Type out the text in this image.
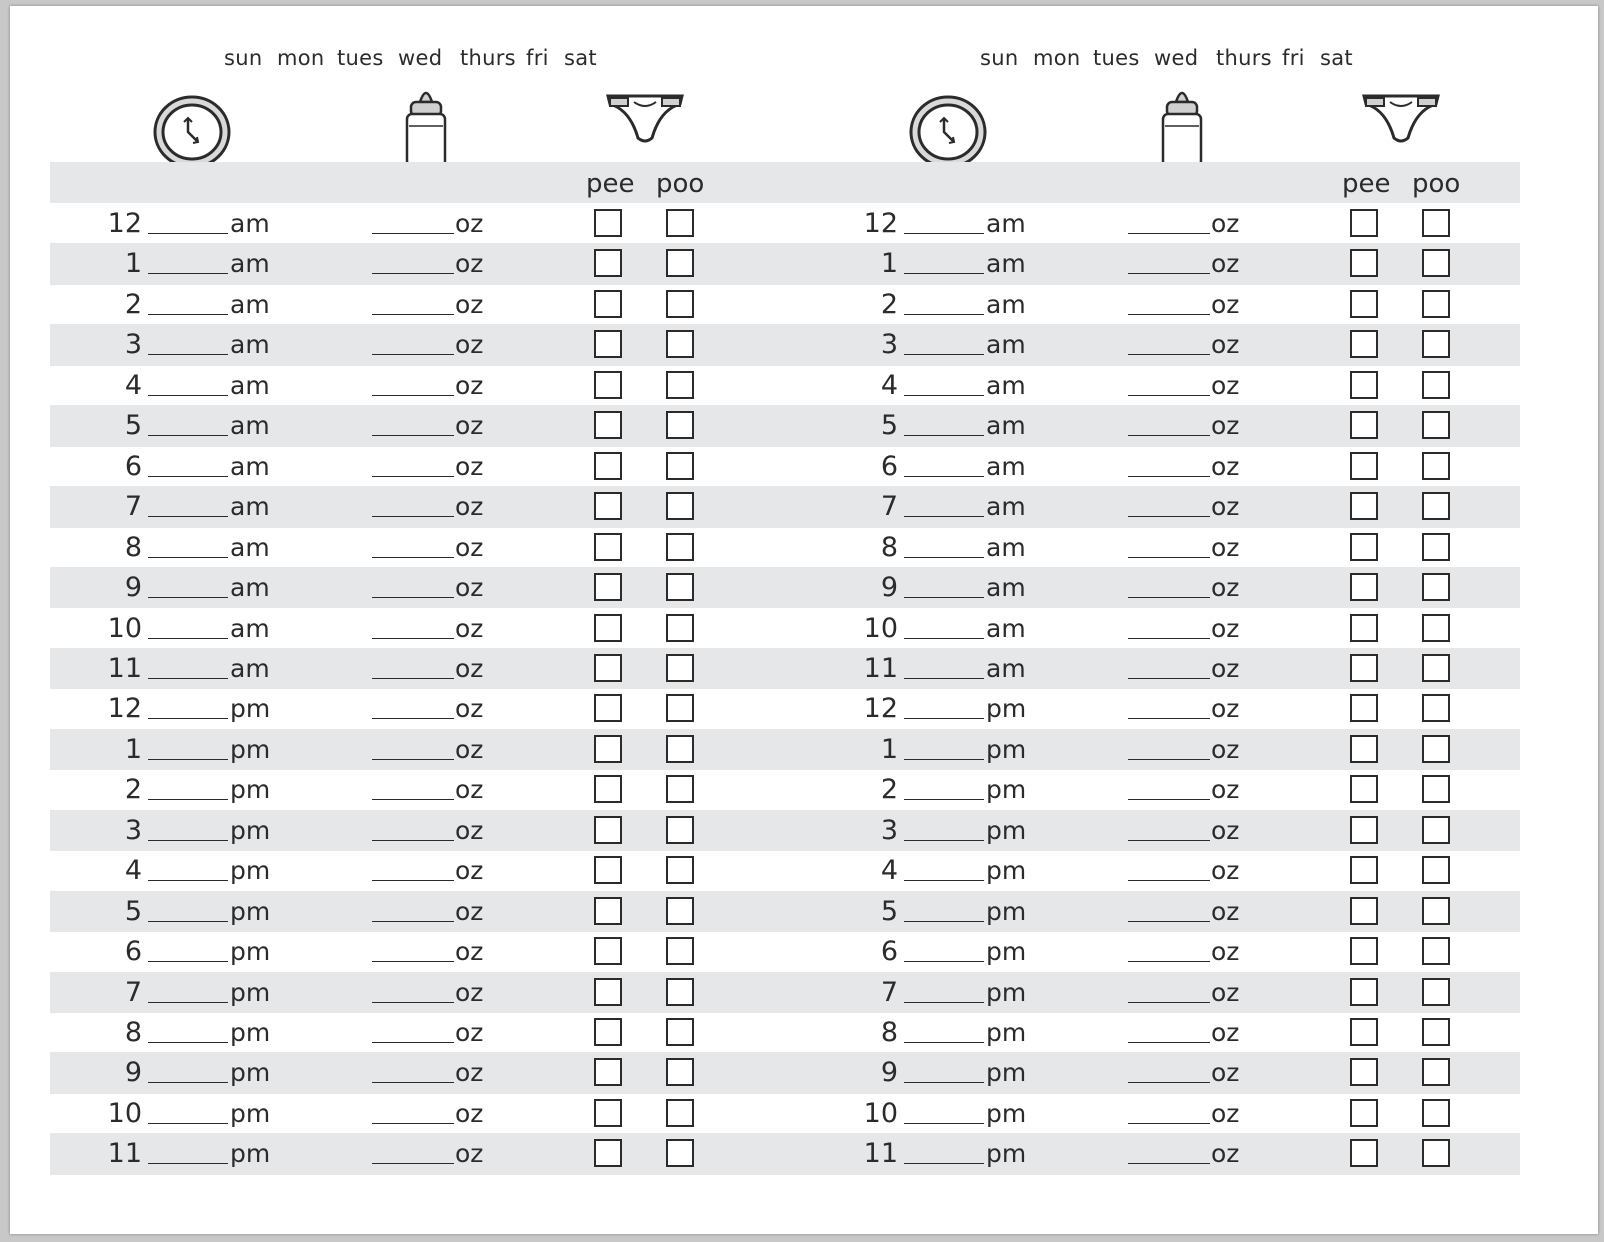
sun mon tues wed thurs fri sat
pee poo
12	am	oz
1	am	oz
2	am	oz
3	am	oz
4	am	oz
5	am	oz
6	am	oz
7	am	oz
8	am	oz
9	am	oz
10	am	oz
11	am	oz
12	pm	oz
1	pm	oz
2	pm	oz
3	pm	oz
4	pm	oz
5	pm	oz
6	pm	oz
7	pm	oz
8	pm	oz
9	pm	oz
10	pm	oz
11	pm	oz
sun mon tues wed thurs fri sat
pee poo
12	am	oz
1	am	oz
2	am	oz
3	am	oz
4	am	oz
5	am	oz
6	am	oz
7	am	oz
8	am	oz
9	am	oz
10	am	oz
11	am	oz
12	pm	oz
1	pm	oz
2	pm	oz
3	pm	oz
4	pm	oz
5	pm	oz
6	pm	oz
7	pm	oz
8	pm	oz
9	pm	oz
10	pm	oz
11	pm	oz
